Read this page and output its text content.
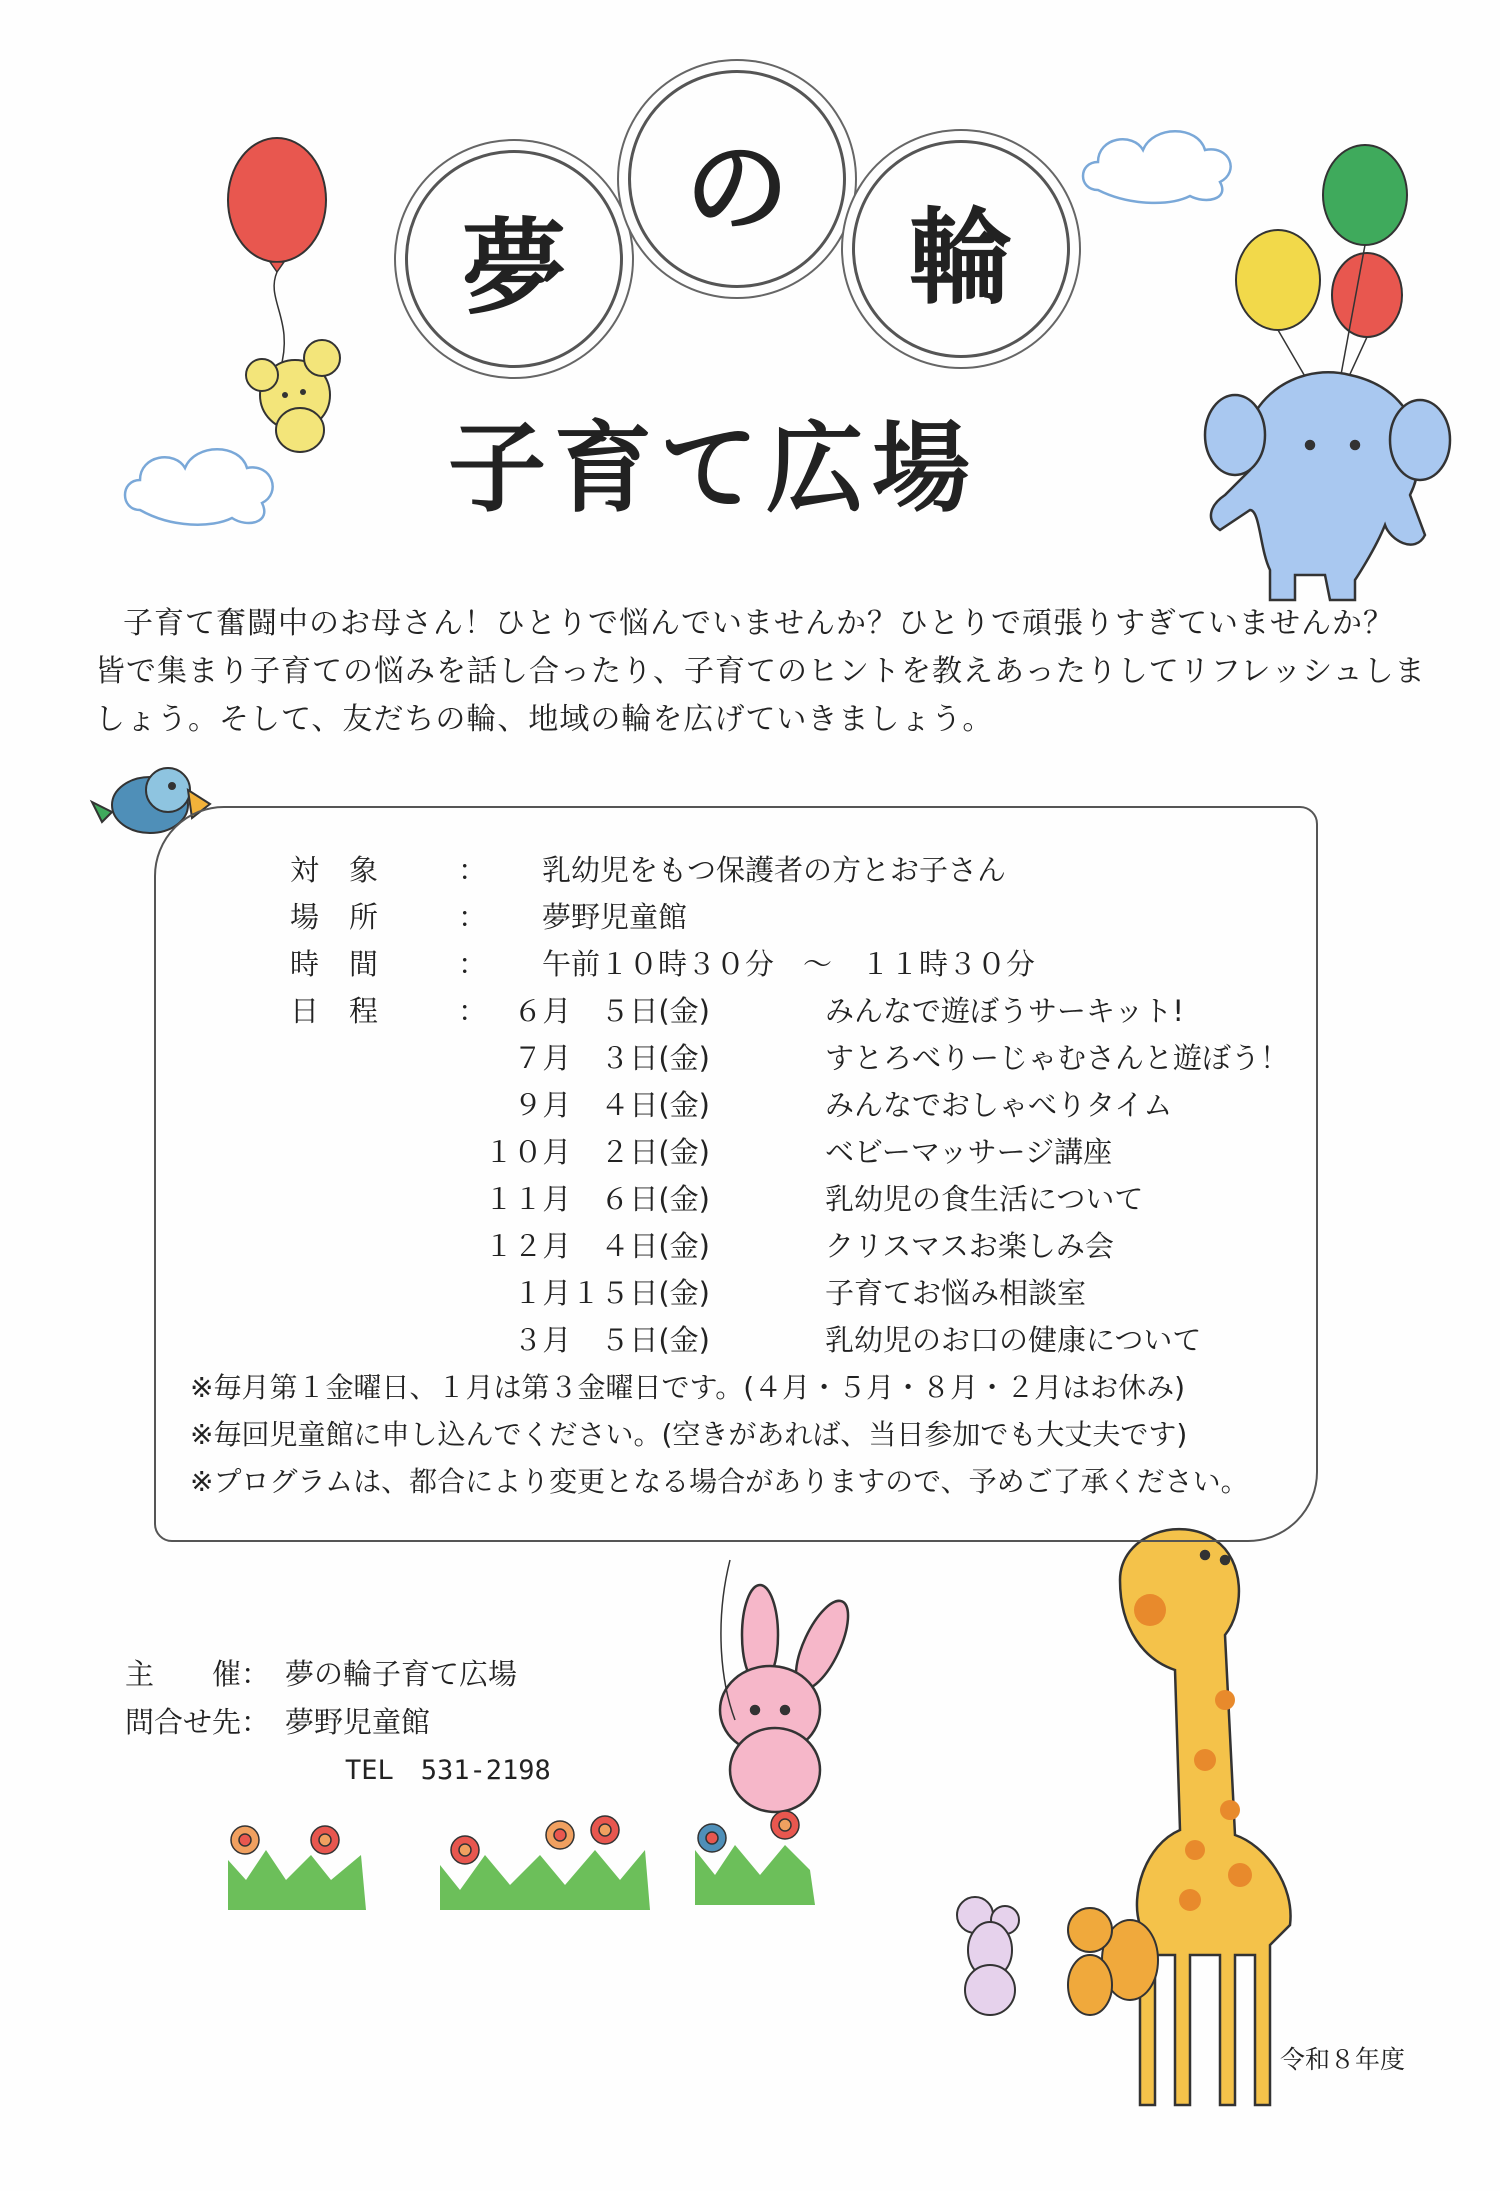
夢
の
輪
子育て広場

子育て奮闘中のお母さん！ひとりで悩んでいませんか？ひとりで頑張りすぎていませんか？

皆で集まり子育ての悩みを話し合ったり、子育てのヒントを教えあったりしてリフレッシュしま

しょう。そして、友だちの輪、地域の輪を広げていきましょう。

対象 ： 乳幼児をもつ保護者の方とお子さん
場所 ： 夢野児童館
時間 ： 午前１０時３０分　～　１１時３０分
日程 ： ６月　５日(金)	みんなで遊ぼうサーキット!
７月　３日(金)	すとろべりーじゃむさんと遊ぼう！
９月　４日(金)	みんなでおしゃべりタイム
１０月　２日(金)	ベビーマッサージ講座
１１月　６日(金)	乳幼児の食生活について
１２月　４日(金)	クリスマスお楽しみ会
１月１５日(金)	子育てお悩み相談室
３月　５日(金)	乳幼児のお口の健康について
※毎月第１金曜日、１月は第３金曜日です。(４月・５月・８月・２月はお休み)
※毎回児童館に申し込んでください。(空きがあれば、当日参加でも大丈夫です)
※プログラムは、都合により変更となる場合がありますので、予めご了承ください。
主　　催： 夢の輪子育て広場
問合せ先： 夢野児童館
TEL　531-2198
令和８年度
